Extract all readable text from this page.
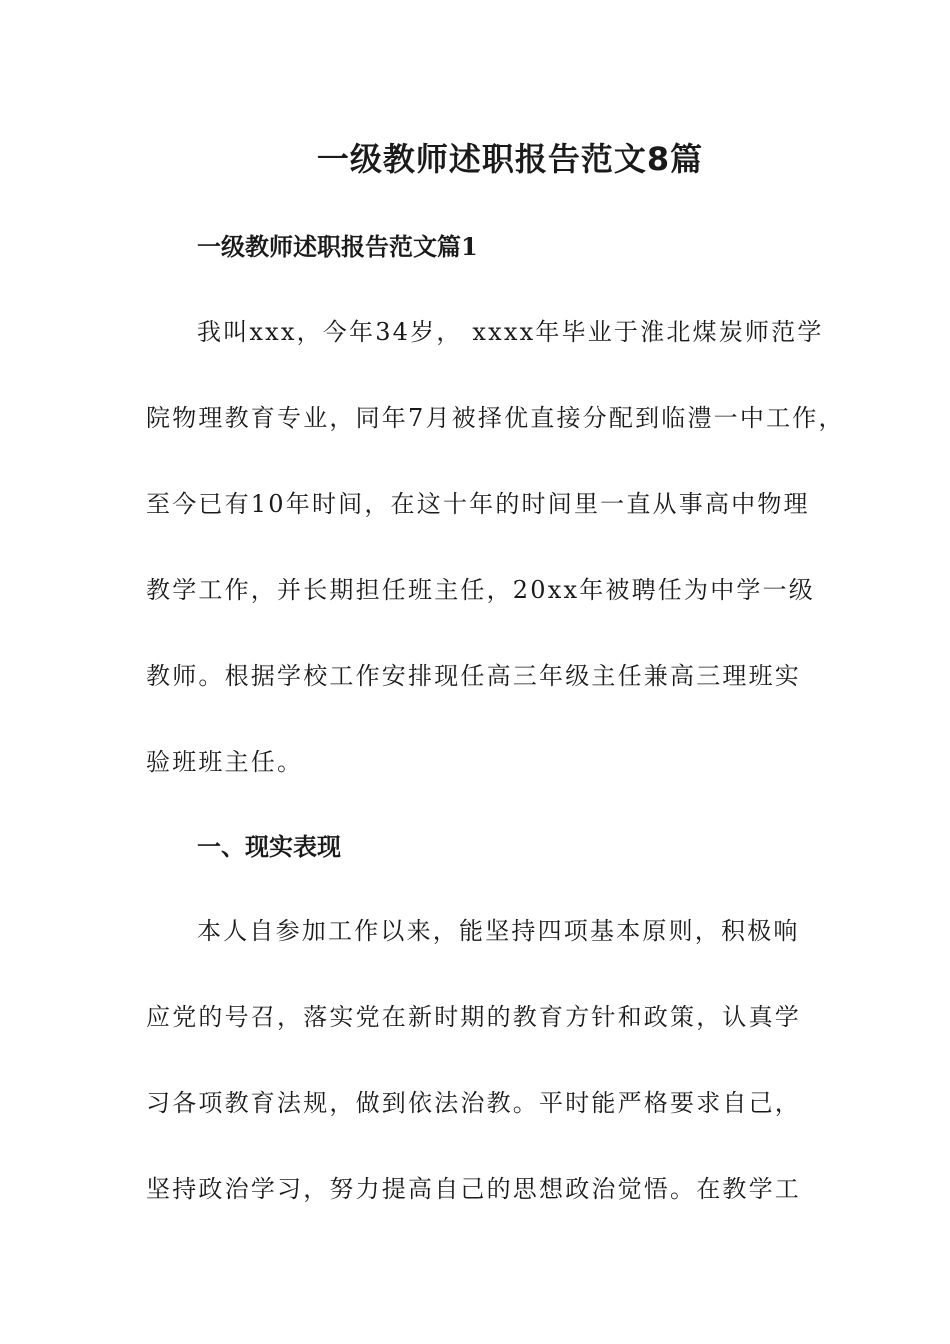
一级教师述职报告范文8篇
一级教师述职报告范文篇1
我叫xxx，今年34岁， xxxx年毕业于淮北煤炭师范学
院物理教育专业，同年7月被择优直接分配到临澧一中工作，
至今已有10年时间，在这十年的时间里一直从事高中物理
教学工作，并长期担任班主任，20xx年被聘任为中学一级
教师。根据学校工作安排现任高三年级主任兼高三理班实
验班班主任。
一、现实表现
本人自参加工作以来，能坚持四项基本原则，积极响
应党的号召，落实党在新时期的教育方针和政策，认真学
习各项教育法规，做到依法治教。平时能严格要求自己，
坚持政治学习，努力提高自己的思想政治觉悟。在教学工
